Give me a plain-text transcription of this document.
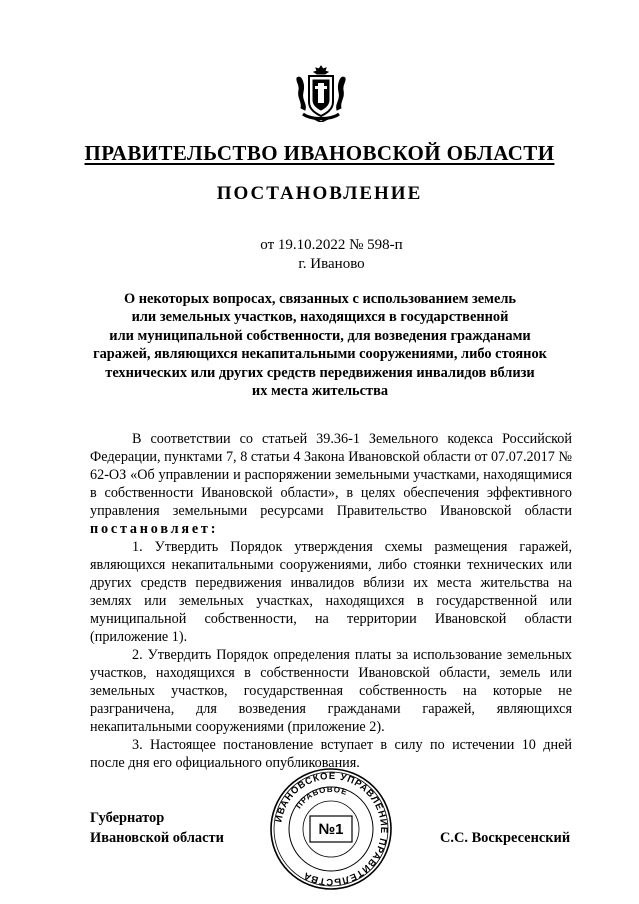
ПРАВИТЕЛЬСТВО ИВАНОВСКОЙ ОБЛАСТИ
ПОСТАНОВЛЕНИЕ
от 19.10.2022 № 598-п
г. Иваново
О некоторых вопросах, связанных с использованием земель
или земельных участков, находящихся в государственной
или муниципальной собственности, для возведения гражданами
гаражей, являющихся некапитальными сооружениями, либо стоянок
технических или других средств передвижения инвалидов вблизи
их места жительства

В соответствии со статьей 39.36-1 Земельного кодекса Российской Федерации, пунктами 7, 8 статьи 4 Закона Ивановской области от 07.07.2017 № 62-ОЗ «Об управлении и распоряжении земельными участками, находящимися в собственности Ивановской области», в целях обеспечения эффективного управления земельными ресурсами Правительство Ивановской области постановляет:

1. Утвердить Порядок утверждения схемы размещения гаражей, являющихся некапитальными сооружениями, либо стоянки технических или других средств передвижения инвалидов вблизи их места жительства на землях или земельных участках, находящихся в государственной или муниципальной собственности, на территории Ивановской области (приложение 1).

2. Утвердить Порядок определения платы за использование земельных участков, находящихся в собственности Ивановской области, земель или земельных участков, государственная собственность на которые не разграничена, для возведения гражданами гаражей, являющихся некапитальными сооружениями (приложение 2).

3. Настоящее постановление вступает в силу по истечении 10 дней после дня его официального опубликования.

Губернатор
Ивановской области
ИВАНОВСКОЕ УПРАВЛЕНИЕ ПРАВИТЕЛЬСТВА
ПРАВОВОЕ
№1	С.С. Воскресенский
